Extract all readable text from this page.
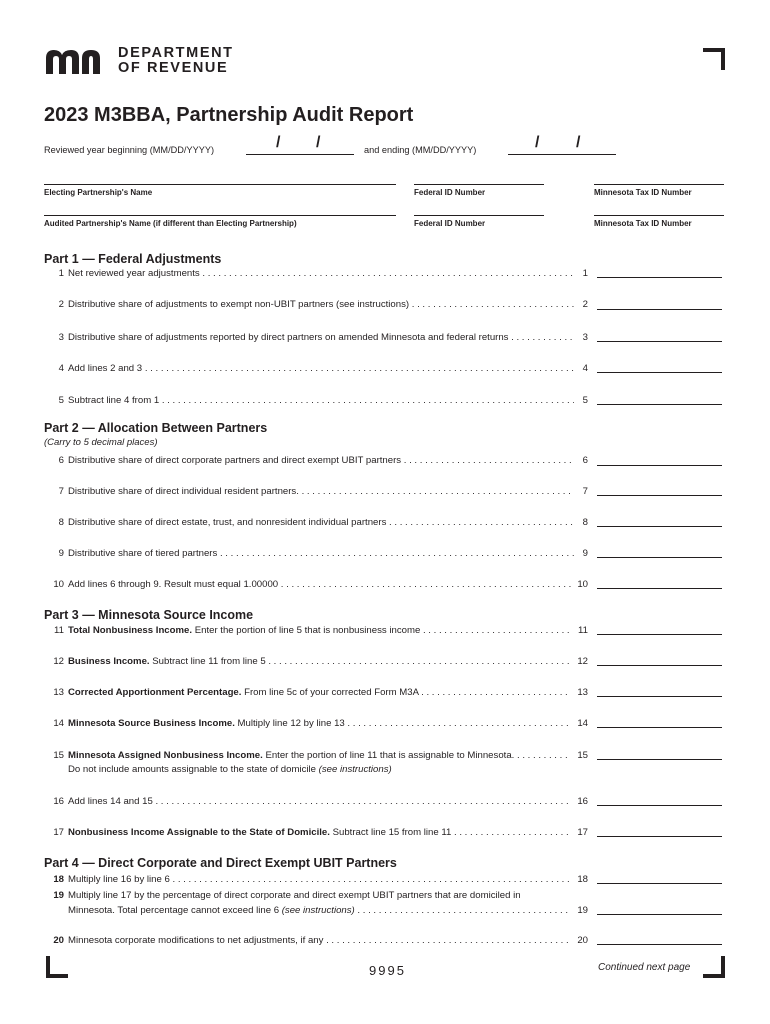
DEPARTMENT
OF REVENUE
2023 M3BBA, Partnership Audit Report
Reviewed year beginning (MM/DD/YYYY)	/ /	and ending (MM/DD/YYYY)	/ /
Electing Partnership's Name	Federal ID Number	Minnesota Tax ID Number
Audited Partnership's Name (if different than Electing Partnership)	Federal ID Number	Minnesota Tax ID Number
Part 1 — Federal Adjustments
1 Net reviewed year adjustments . . .	1
2 Distributive share of adjustments to exempt non-UBIT partners (see instructions) . . .	2
3 Distributive share of adjustments reported by direct partners on amended Minnesota and federal returns . . .	3
4 Add lines 2 and 3 . . .	4
5 Subtract line 4 from 1 . . .	5
Part 2 — Allocation Between Partners
(Carry to 5 decimal places)
6 Distributive share of direct corporate partners and direct exempt UBIT partners . . .	6
7 Distributive share of direct individual resident partners. . . .	7
8 Distributive share of direct estate, trust, and nonresident individual partners . . .	8
9 Distributive share of tiered partners . . .	9
10 Add lines 6 through 9. Result must equal 1.00000 . . .	10
Part 3 — Minnesota Source Income
11 Total Nonbusiness Income. Enter the portion of line 5 that is nonbusiness income . . .	11
12 Business Income. Subtract line 11 from line 5 . . .	12
13 Corrected Apportionment Percentage. From line 5c of your corrected Form M3A . . .	13
14 Minnesota Source Business Income. Multiply line 12 by line 13 . . .	14
15 Minnesota Assigned Nonbusiness Income. Enter the portion of line 11 that is assignable to Minnesota. . . .	15
Do not include amounts assignable to the state of domicile (see instructions)
16 Add lines 14 and 15 . . .	16
17 Nonbusiness Income Assignable to the State of Domicile. Subtract line 15 from line 11 . . .	17
Part 4 — Direct Corporate and Direct Exempt UBIT Partners
18 Multiply line 16 by line 6 . . .	18
19 Multiply line 17 by the percentage of direct corporate and direct exempt UBIT partners that are domiciled in
Minnesota. Total percentage cannot exceed line 6 (see instructions) . . .	19
20 Minnesota corporate modifications to net adjustments, if any . . .	20
9995	Continued next page
